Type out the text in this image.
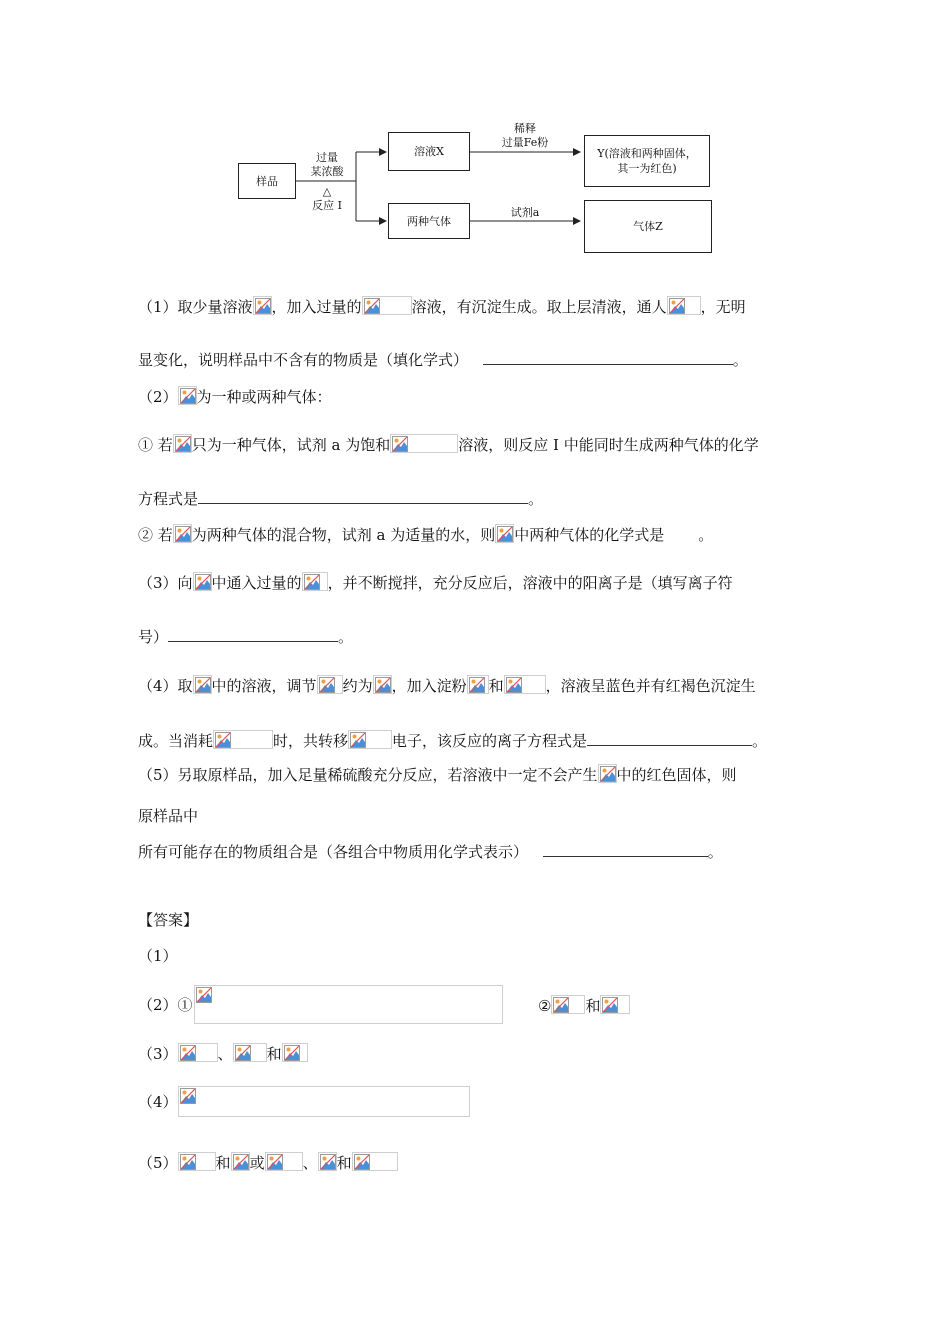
样品
过量
某浓酸
△
反应 I
溶液X
两种气体
稀释
过量Fe粉
试剂a
Y(溶液和两种固体，其一为红色)
气体Z
（1）取少量溶液 ，加入过量的	溶液，有沉淀生成。取上层清液，通人 ，无明
显变化，说明样品中不含有的物质是（填化学式）	。
（2） 为一种或两种气体：
① 若 只为一种气体，试剂 a 为饱和	溶液，则反应 I 中能同时生成两种气体的化学
方程式是	。
② 若 为两种气体的混合物，试剂 a 为适量的水，则 中两种气体的化学式是 。
（3）向 中通入过量的 ，并不断搅拌，充分反应后，溶液中的阳离子是（填写离子符
号）	。
（4）取 中的溶液，调节 约为 ，加入淀粉 和	，溶液呈蓝色并有红褐色沉淀生
成。当消耗	时，共转移	电子，该反应的离子方程式是	。
（5）另取原样品，加入足量稀硫酸充分反应，若溶液中一定不会产生 中的红色固体，则
原样品中
所有可能存在的物质组合是（各组合中物质用化学式表示）	。
【答案】
（1）
（2）①	② 和
（3）	、 和
（4）
（5）	和 或	、 和
